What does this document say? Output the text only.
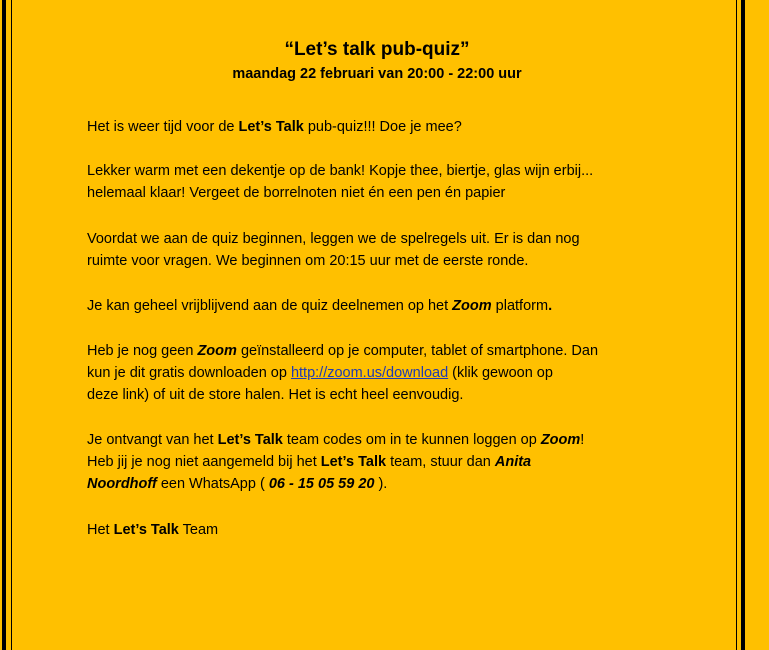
“Let’s talk pub-quiz”

maandag 22 februari van 20:00 - 22:00 uur

Het is weer tijd voor de Let’s Talk pub-quiz!!! Doe je mee?

Lekker warm met een dekentje op de bank! Kopje thee, biertje, glas wijn erbij...
helemaal klaar! Vergeet de borrelnoten niet én een pen én papier

Voordat we aan de quiz beginnen, leggen we de spelregels uit. Er is dan nog
ruimte voor vragen. We beginnen om 20:15 uur met de eerste ronde.

Je kan geheel vrijblijvend aan de quiz deelnemen op het Zoom platform.

Heb je nog geen Zoom geïnstalleerd op je computer, tablet of smartphone. Dan
kun je dit gratis downloaden op http://zoom.us/download (klik gewoon op
deze link) of uit de store halen. Het is echt heel eenvoudig.

Je ontvangt van het Let’s Talk team codes om in te kunnen loggen op Zoom!
Heb jij je nog niet aangemeld bij het Let’s Talk team, stuur dan Anita
Noordhoff een WhatsApp ( 06 - 15 05 59 20 ).

Het Let’s Talk Team
